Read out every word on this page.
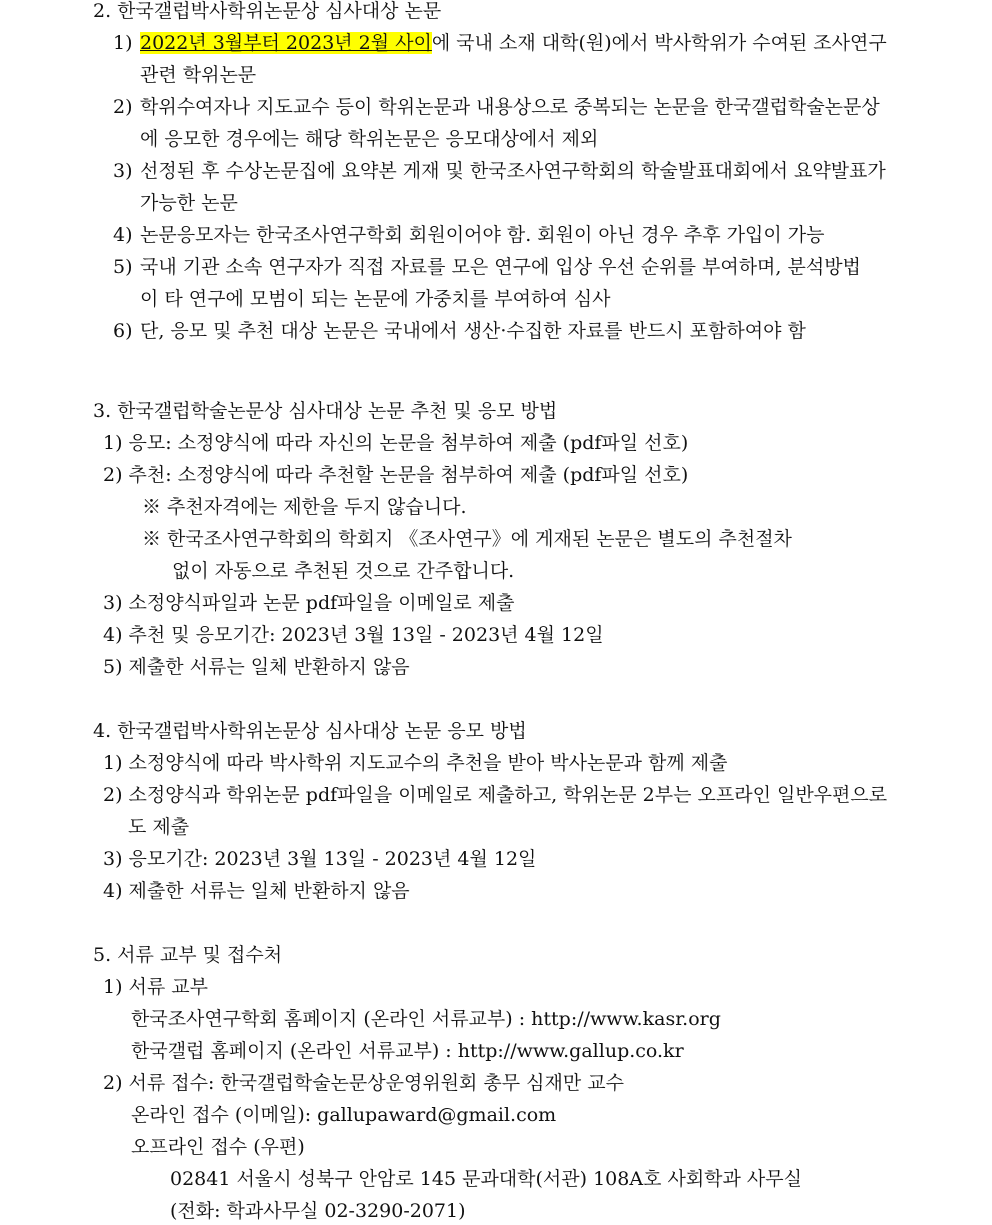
2. 한국갤럽박사학위논문상 심사대상 논문
1) 2022년 3월부터 2023년 2월 사이에 국내 소재 대학(원)에서 박사학위가 수여된 조사연구
관련 학위논문
2) 학위수여자나 지도교수 등이 학위논문과 내용상으로 중복되는 논문을 한국갤럽학술논문상
에 응모한 경우에는 해당 학위논문은 응모대상에서 제외
3) 선정된 후 수상논문집에 요약본 게재 및 한국조사연구학회의 학술발표대회에서 요약발표가
가능한 논문
4) 논문응모자는 한국조사연구학회 회원이어야 함. 회원이 아닌 경우 추후 가입이 가능
5) 국내 기관 소속 연구자가 직접 자료를 모은 연구에 입상 우선 순위를 부여하며, 분석방법
이 타 연구에 모범이 되는 논문에 가중치를 부여하여 심사
6) 단, 응모 및 추천 대상 논문은 국내에서 생산·수집한 자료를 반드시 포함하여야 함
3. 한국갤럽학술논문상 심사대상 논문 추천 및 응모 방법
1) 응모: 소정양식에 따라 자신의 논문을 첨부하여 제출 (pdf파일 선호)
2) 추천: 소정양식에 따라 추천할 논문을 첨부하여 제출 (pdf파일 선호)
※ 추천자격에는 제한을 두지 않습니다.
※ 한국조사연구학회의 학회지 《조사연구》에 게재된 논문은 별도의 추천절차
없이 자동으로 추천된 것으로 간주합니다.
3) 소정양식파일과 논문 pdf파일을 이메일로 제출
4) 추천 및 응모기간: 2023년 3월 13일 - 2023년 4월 12일
5) 제출한 서류는 일체 반환하지 않음
4. 한국갤럽박사학위논문상 심사대상 논문 응모 방법
1) 소정양식에 따라 박사학위 지도교수의 추천을 받아 박사논문과 함께 제출
2) 소정양식과 학위논문 pdf파일을 이메일로 제출하고, 학위논문 2부는 오프라인 일반우편으로
도 제출
3) 응모기간: 2023년 3월 13일 - 2023년 4월 12일
4) 제출한 서류는 일체 반환하지 않음
5. 서류 교부 및 접수처
1) 서류 교부
한국조사연구학회 홈페이지 (온라인 서류교부) : http://www.kasr.org
한국갤럽 홈페이지 (온라인 서류교부) : http://www.gallup.co.kr
2) 서류 접수: 한국갤럽학술논문상운영위원회 총무 심재만 교수
온라인 접수 (이메일): gallupaward@gmail.com
오프라인 접수 (우편)
02841 서울시 성북구 안암로 145 문과대학(서관) 108A호 사회학과 사무실
(전화: 학과사무실 02-3290-2071)
